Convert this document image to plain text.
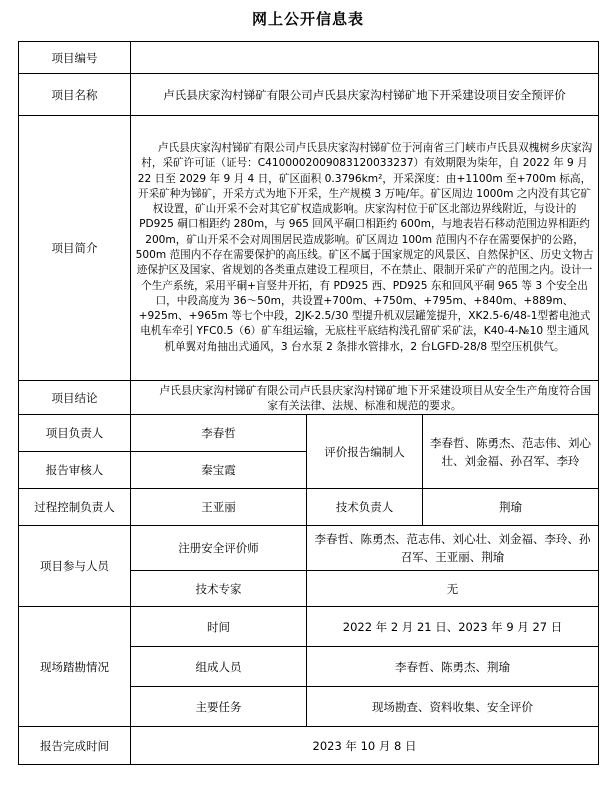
网上公开信息表
项目编号			
项目名称	卢氏县庆家沟村锑矿有限公司卢氏县庆家沟村锑矿地下开采建设项目安全预评价		
项目简介	卢氏县庆家沟村锑矿有限公司卢氏县庆家沟村锑矿位于河南省三门峡市卢氏县双槐树乡庆家沟村，采矿许可证（证号：C4100002009083120033237）有效期限为柒年，自 2022 年 9 月 22 日至 2029 年 9 月 4 日，矿区面积 0.3796km²，开采深度：由+1100m 至+700m 标高，开采矿种为锑矿，开采方式为地下开采，生产规模 3 万吨/年。矿区周边 1000m 之内没有其它矿权设置，矿山开采不会对其它矿权造成影响。庆家沟村位于矿区北部边界线附近，与设计的 PD925 硐口相距约 280m，与 965 回风平硐口相距约 600m，与地表岩石移动范围边界相距约 200m，矿山开采不会对周围居民造成影响。矿区周边 100m 范围内不存在需要保护的公路，500m 范围内不存在需要保护的高压线。矿区不属于国家规定的风景区、自然保护区、历史文物古迹保护区及国家、省规划的各类重点建设工程项目，不在禁止、限制开采矿产的范围之内。设计一个生产系统，采用平硐+盲竖井开拓，有 PD925 西、PD925 东和回风平硐 965 等 3 个安全出口，中段高度为 36～50m，共设置+700m、+750m、+795m、+840m、+889m、+925m、+965m 等七个中段，2JK-2.5/30 型提升机双层罐笼提升，XK2.5-6/48-1型蓄电池式电机车牵引 YFC0.5（6）矿车组运输，无底柱平底结构浅孔留矿采矿法，K40-4-№10 型主通风机单翼对角抽出式通风，3 台水泵 2 条排水管排水，2 台LGFD-28/8 型空压机供气。		
项目结论	卢氏县庆家沟村锑矿有限公司卢氏县庆家沟村锑矿地下开采建设项目从安全生产角度符合国家有关法律、法规、标准和规范的要求。		
项目负责人	李春哲	评价报告编制人	李春哲、陈勇杰、范志伟、刘心壮、刘金福、孙召军、李玲
报告审核人	秦宝霞		
过程控制负责人	王亚丽	技术负责人	荆瑜
项目参与人员	注册安全评价师	李春哲、陈勇杰、范志伟、刘心壮、刘金福、李玲、孙召军、王亚丽、荆瑜	
	技术专家	无	
现场踏勘情况	时间	2022 年 2 月 21 日、2023 年 9 月 27 日	
	组成人员	李春哲、陈勇杰、荆瑜	
	主要任务	现场勘查、资料收集、安全评价	
报告完成时间	2023 年 10 月 8 日		
